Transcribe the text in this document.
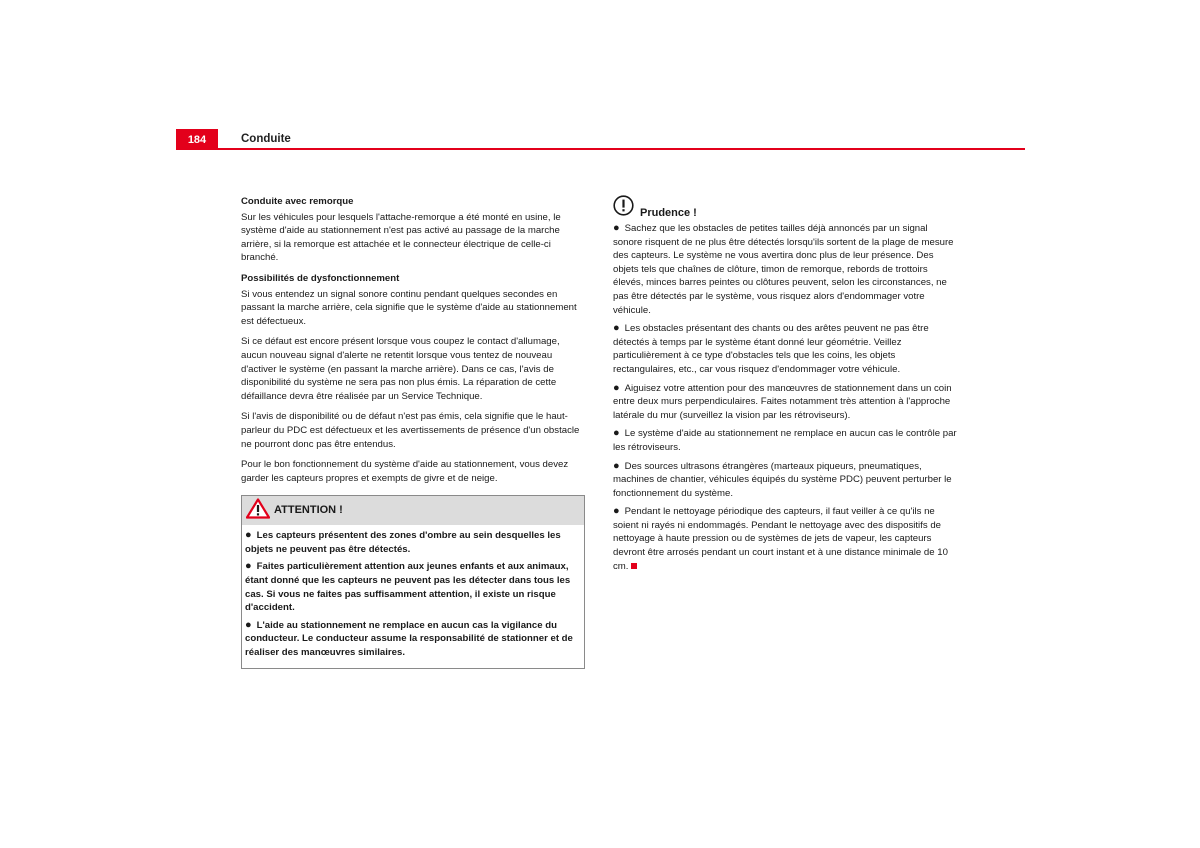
184	Conduite
Conduite avec remorque

Sur les véhicules pour lesquels l'attache-remorque a été monté en usine, le système d'aide au stationnement n'est pas activé au passage de la marche arrière, si la remorque est attachée et le connecteur électrique de celle-ci branché.

Possibilités de dysfonctionnement

Si vous entendez un signal sonore continu pendant quelques secondes en passant la marche arrière, cela signifie que le système d'aide au stationnement est défectueux.

Si ce défaut est encore présent lorsque vous coupez le contact d'allumage, aucun nouveau signal d'alerte ne retentit lorsque vous tentez de nouveau d'activer le système (en passant la marche arrière). Dans ce cas, l'avis de disponibilité du système ne sera pas non plus émis. La réparation de cette défaillance devra être réalisée par un Service Technique.

Si l'avis de disponibilité ou de défaut n'est pas émis, cela signifie que le haut-parleur du PDC est défectueux et les avertissements de présence d'un obstacle ne pourront donc pas être entendus.

Pour le bon fonctionnement du système d'aide au stationnement, vous devez garder les capteurs propres et exempts de givre et de neige.

ATTENTION !
● Les capteurs présentent des zones d'ombre au sein desquelles les objets ne peuvent pas être détectés.
● Faites particulièrement attention aux jeunes enfants et aux animaux, étant donné que les capteurs ne peuvent pas les détecter dans tous les cas. Si vous ne faites pas suffisamment attention, il existe un risque d'accident.
● L'aide au stationnement ne remplace en aucun cas la vigilance du conducteur. Le conducteur assume la responsabilité de stationner et de réaliser des manœuvres similaires.
Prudence !
● Sachez que les obstacles de petites tailles déjà annoncés par un signal sonore risquent de ne plus être détectés lorsqu'ils sortent de la plage de mesure des capteurs. Le système ne vous avertira donc plus de leur présence. Des objets tels que chaînes de clôture, timon de remorque, rebords de trottoirs élevés, minces barres peintes ou clôtures peuvent, selon les circonstances, ne pas être détectés par le système, vous risquez alors d'endommager votre véhicule.
● Les obstacles présentant des chants ou des arêtes peuvent ne pas être détectés à temps par le système étant donné leur géométrie. Veillez particulièrement à ce type d'obstacles tels que les coins, les objets rectangulaires, etc., car vous risquez d'endommager votre véhicule.
● Aiguisez votre attention pour des manœuvres de stationnement dans un coin entre deux murs perpendiculaires. Faites notamment très attention à l'approche latérale du mur (surveillez la vision par les rétroviseurs).
● Le système d'aide au stationnement ne remplace en aucun cas le contrôle par les rétroviseurs.
● Des sources ultrasons étrangères (marteaux piqueurs, pneumatiques, machines de chantier, véhicules équipés du système PDC) peuvent perturber le fonctionnement du système.
● Pendant le nettoyage périodique des capteurs, il faut veiller à ce qu'ils ne soient ni rayés ni endommagés. Pendant le nettoyage avec des dispositifs de nettoyage à haute pression ou de systèmes de jets de vapeur, les capteurs devront être arrosés pendant un court instant et à une distance minimale de 10 cm.
